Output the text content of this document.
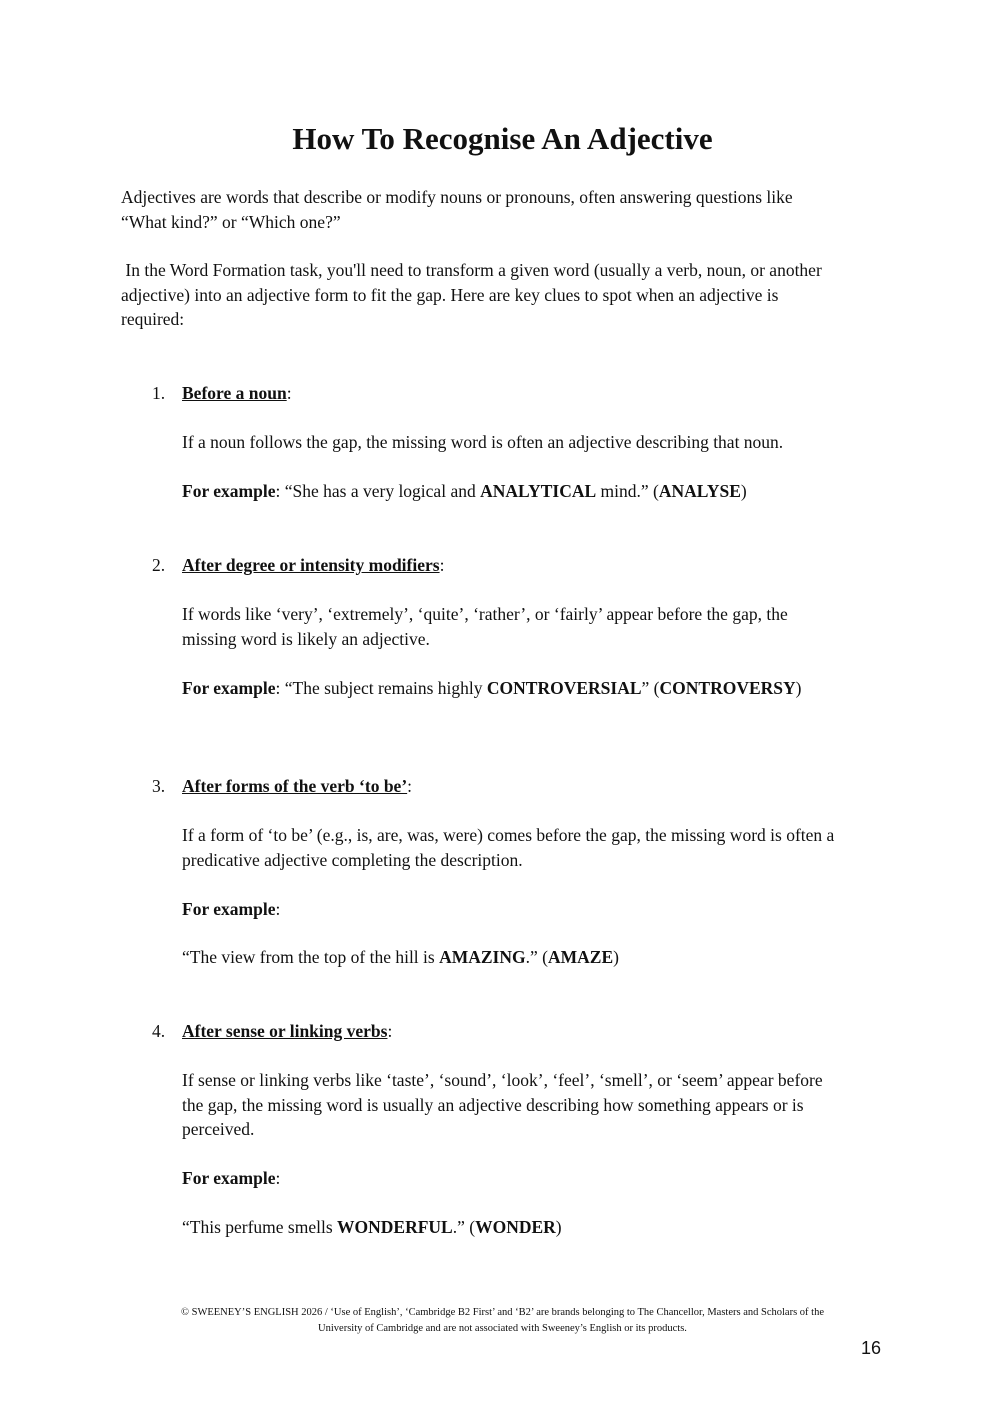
How To Recognise An Adjective
Adjectives are words that describe or modify nouns or pronouns, often answering questions like
“What kind?” or “Which one?”
In the Word Formation task, you'll need to transform a given word (usually a verb, noun, or another
adjective) into an adjective form to fit the gap. Here are key clues to spot when an adjective is
required:
1. Before a noun:
If a noun follows the gap, the missing word is often an adjective describing that noun.
For example: “She has a very logical and ANALYTICAL mind.” (ANALYSE)
2. After degree or intensity modifiers:
If words like ‘very’, ‘extremely’, ‘quite’, ‘rather’, or ‘fairly’ appear before the gap, the
missing word is likely an adjective.
For example: “The subject remains highly CONTROVERSIAL” (CONTROVERSY)
3. After forms of the verb ‘to be’:
If a form of ‘to be’ (e.g., is, are, was, were) comes before the gap, the missing word is often a
predicative adjective completing the description.
For example:
“The view from the top of the hill is AMAZING.” (AMAZE)
4. After sense or linking verbs:
If sense or linking verbs like ‘taste’, ‘sound’, ‘look’, ‘feel’, ‘smell’, or ‘seem’ appear before
the gap, the missing word is usually an adjective describing how something appears or is
perceived.
For example:
“This perfume smells WONDERFUL.” (WONDER)
© SWEENEY’S ENGLISH 2026 / ‘Use of English’, ‘Cambridge B2 First’ and ‘B2’ are brands belonging to The Chancellor, Masters and Scholars of the
University of Cambridge and are not associated with Sweeney’s English or its products.
16
